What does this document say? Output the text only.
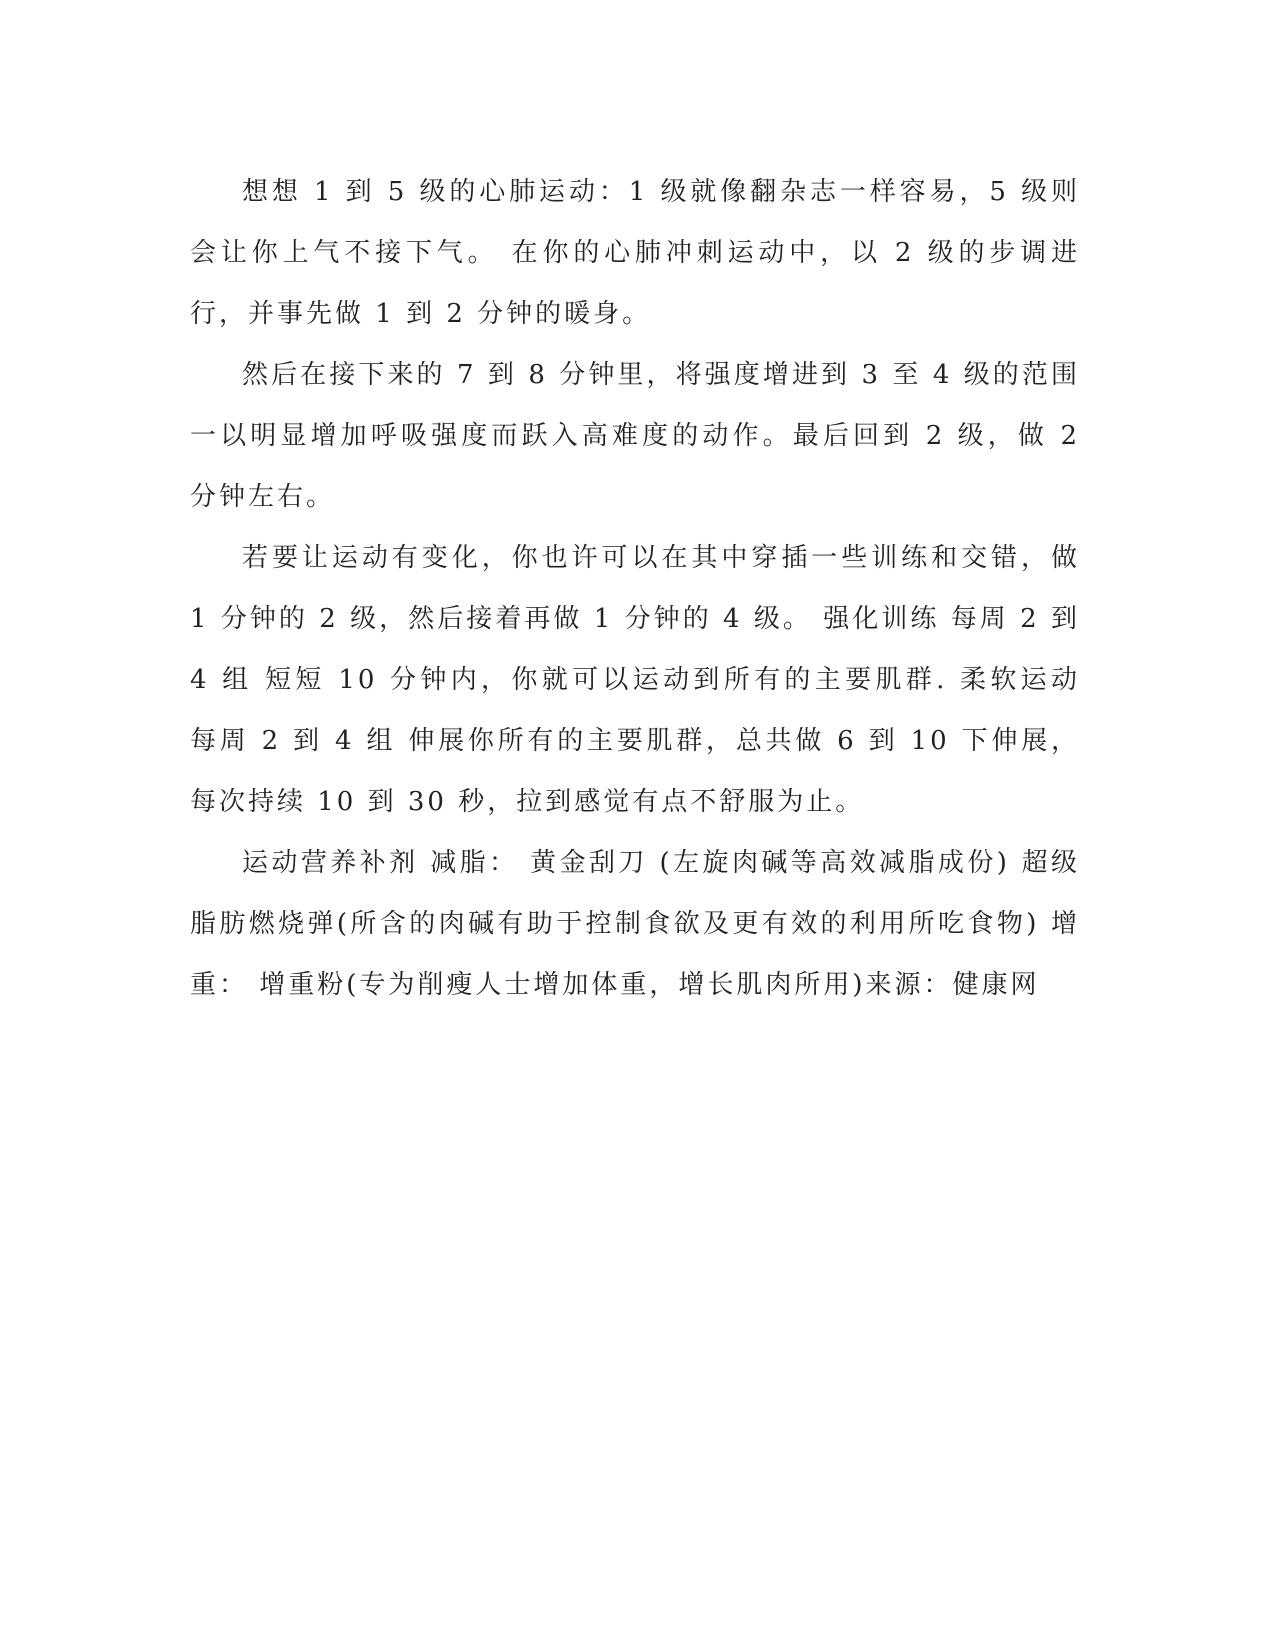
想想 1 到 5 级的心肺运动：1 级就像翻杂志一样容易，5 级则会让你上气不接下气。 在你的心肺冲刺运动中，以 2 级的步调进行，并事先做 1 到 2 分钟的暖身。

然后在接下来的 7 到 8 分钟里，将强度增进到 3 至 4 级的范围一以明显增加呼吸强度而跃入高难度的动作。最后回到 2 级，做 2 分钟左右。

若要让运动有变化，你也许可以在其中穿插一些训练和交错，做 1 分钟的 2 级，然后接着再做 1 分钟的 4 级。 强化训练 每周 2 到 4 组 短短 10 分钟内，你就可以运动到所有的主要肌群. 柔软运动 每周 2 到 4 组 伸展你所有的主要肌群，总共做 6 到 10 下伸展，每次持续 10 到 30 秒，拉到感觉有点不舒服为止。

运动营养补剂 减脂： 黄金刮刀 (左旋肉碱等高效减脂成份) 超级脂肪燃烧弹(所含的肉碱有助于控制食欲及更有效的利用所吃食物) 增重： 增重粉(专为削瘦人士增加体重，增长肌肉所用)来源：健康网
